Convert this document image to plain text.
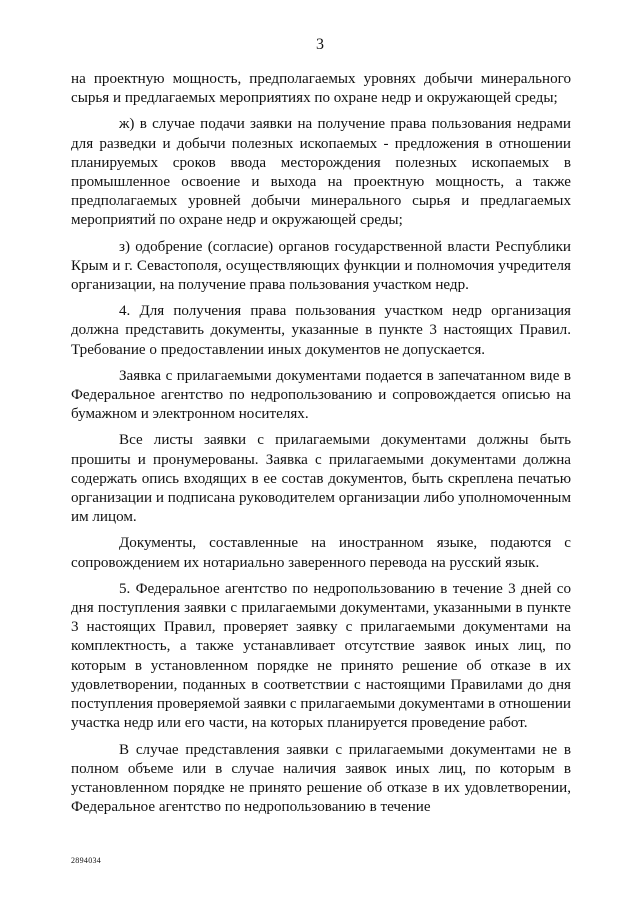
3

на проектную мощность, предполагаемых уровнях добычи минерального сырья и предлагаемых мероприятиях по охране недр и окружающей среды;

ж) в случае подачи заявки на получение права пользования недрами для разведки и добычи полезных ископаемых - предложения в отношении планируемых сроков ввода месторождения полезных ископаемых в промышленное освоение и выхода на проектную мощность, а также предполагаемых уровней добычи минерального сырья и предлагаемых мероприятий по охране недр и окружающей среды;

з) одобрение (согласие) органов государственной власти Республики Крым и г. Севастополя, осуществляющих функции и полномочия учредителя организации, на получение права пользования участком недр.

4. Для получения права пользования участком недр организация должна представить документы, указанные в пункте 3 настоящих Правил. Требование о предоставлении иных документов не допускается.

Заявка с прилагаемыми документами подается в запечатанном виде в Федеральное агентство по недропользованию и сопровождается описью на бумажном и электронном носителях.

Все листы заявки с прилагаемыми документами должны быть прошиты и пронумерованы. Заявка с прилагаемыми документами должна содержать опись входящих в ее состав документов, быть скреплена печатью организации и подписана руководителем организации либо уполномоченным им лицом.

Документы, составленные на иностранном языке, подаются с сопровождением их нотариально заверенного перевода на русский язык.

5. Федеральное агентство по недропользованию в течение 3 дней со дня поступления заявки с прилагаемыми документами, указанными в пункте 3 настоящих Правил, проверяет заявку с прилагаемыми документами на комплектность, а также устанавливает отсутствие заявок иных лиц, по которым в установленном порядке не принято решение об отказе в их удовлетворении, поданных в соответствии с настоящими Правилами до дня поступления проверяемой заявки с прилагаемыми документами в отношении участка недр или его части, на которых планируется проведение работ.

В случае представления заявки с прилагаемыми документами не в полном объеме или в случае наличия заявок иных лиц, по которым в установленном порядке не принято решение об отказе в их удовлетворении, Федеральное агентство по недропользованию в течение

2894034
